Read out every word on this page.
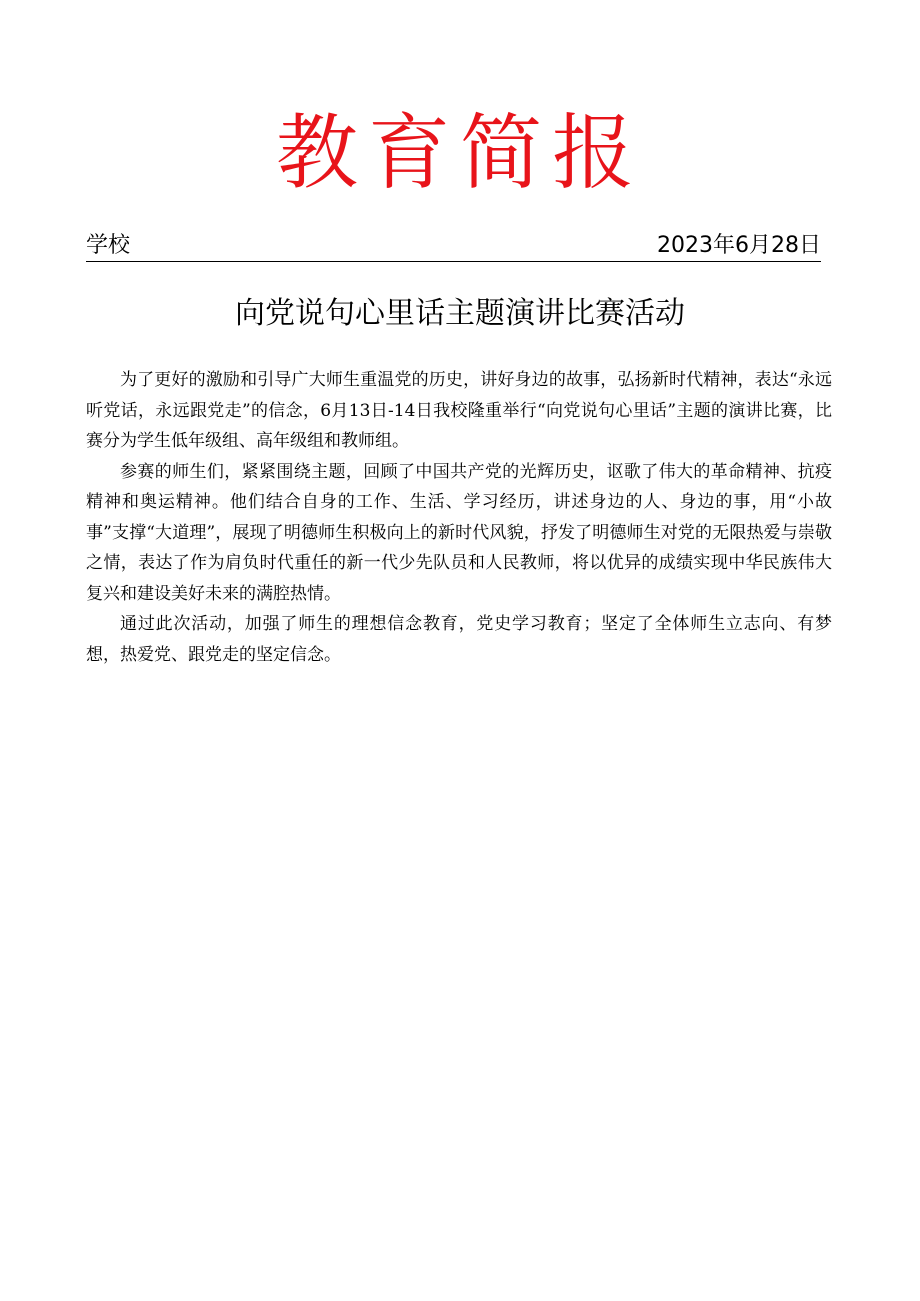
教育简报
学校	2023年6月28日
向党说句心里话主题演讲比赛活动

为了更好的激励和引导广大师生重温党的历史，讲好身边的故事，弘扬新时代精神，表达“永远听党话，永远跟党走”的信念，6月13日-14日我校隆重举行“向党说句心里话”主题的演讲比赛，比赛分为学生低年级组、高年级组和教师组。

参赛的师生们，紧紧围绕主题，回顾了中国共产党的光辉历史，讴歌了伟大的革命精神、抗疫精神和奥运精神。他们结合自身的工作、生活、学习经历，讲述身边的人、身边的事，用“小故事”支撑“大道理”，展现了明德师生积极向上的新时代风貌，抒发了明德师生对党的无限热爱与崇敬之情，表达了作为肩负时代重任的新一代少先队员和人民教师，将以优异的成绩实现中华民族伟大复兴和建设美好未来的满腔热情。

通过此次活动，加强了师生的理想信念教育，党史学习教育；坚定了全体师生立志向、有梦想，热爱党、跟党走的坚定信念。
